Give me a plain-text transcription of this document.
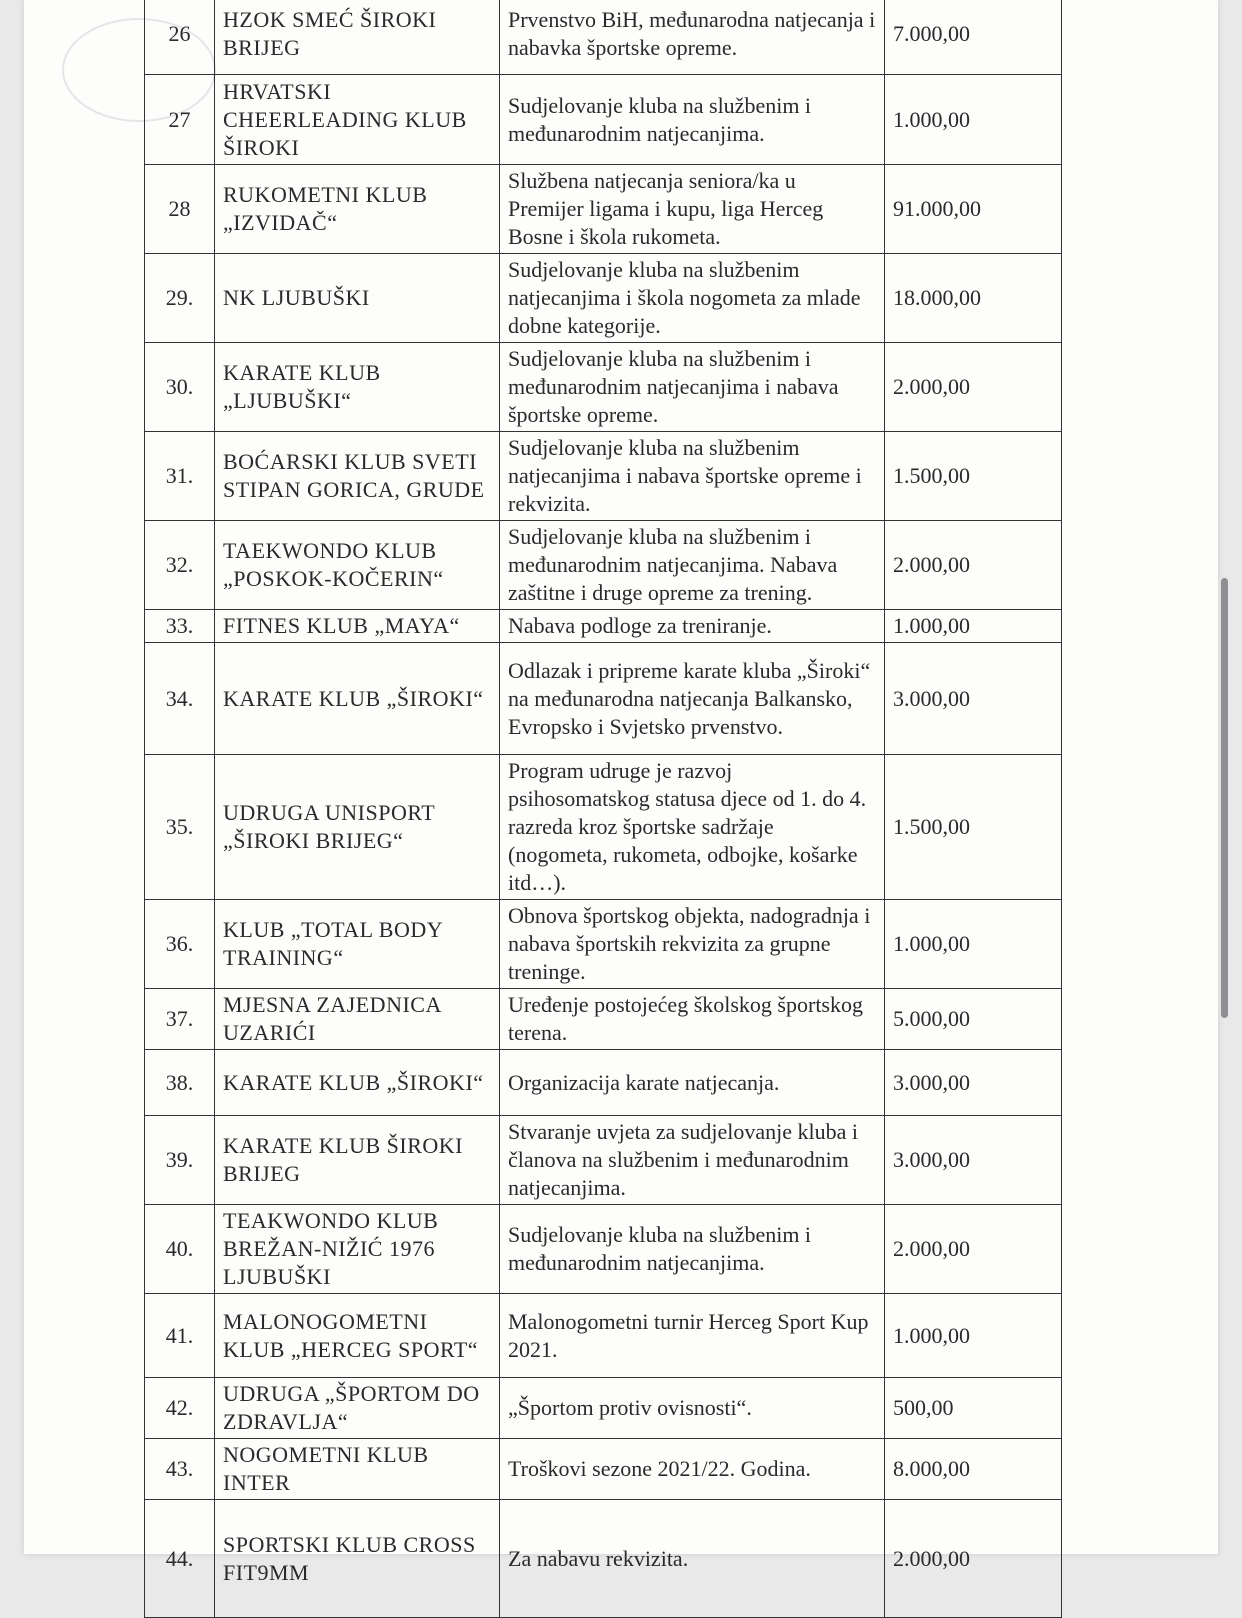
26	HZOK SMEĆ ŠIROKI BRIJEG	Prvenstvo BiH, međunarodna natjecanja i nabavka športske opreme.	7.000,00
27	HRVATSKI CHEERLEADING KLUB ŠIROKI	Sudjelovanje kluba na službenim i međunarodnim natjecanjima.	1.000,00
28	RUKOMETNI KLUB „IZVIDAČ“	Službena natjecanja seniora/ka u Premijer ligama i kupu, liga Herceg Bosne i škola rukometa.	91.000,00
29.	NK LJUBUŠKI	Sudjelovanje kluba na službenim natjecanjima i škola nogometa za mlade dobne kategorije.	18.000,00
30.	KARATE KLUB „LJUBUŠKI“	Sudjelovanje kluba na službenim i međunarodnim natjecanjima i nabava športske opreme.	2.000,00
31.	BOĆARSKI KLUB SVETI STIPAN GORICA, GRUDE	Sudjelovanje kluba na službenim natjecanjima i nabava športske opreme i rekvizita.	1.500,00
32.	TAEKWONDO KLUB „POSKOK-KOČERIN“	Sudjelovanje kluba na službenim i međunarodnim natjecanjima. Nabava zaštitne i druge opreme za trening.	2.000,00
33.	FITNES KLUB „MAYA“	Nabava podloge za treniranje.	1.000,00
34.	KARATE KLUB „ŠIROKI“	Odlazak i pripreme karate kluba „Široki“ na međunarodna natjecanja Balkansko, Evropsko i Svjetsko prvenstvo.	3.000,00
35.	UDRUGA UNISPORT „ŠIROKI BRIJEG“	Program udruge je razvoj psihosomatskog statusa djece od 1. do 4. razreda kroz športske sadržaje (nogometa, rukometa, odbojke, košarke itd…).	1.500,00
36.	KLUB „TOTAL BODY TRAINING“	Obnova športskog objekta, nadogradnja i nabava športskih rekvizita za grupne treninge.	1.000,00
37.	MJESNA ZAJEDNICA UZARIĆI	Uređenje postojećeg školskog športskog terena.	5.000,00
38.	KARATE KLUB „ŠIROKI“	Organizacija karate natjecanja.	3.000,00
39.	KARATE KLUB ŠIROKI BRIJEG	Stvaranje uvjeta za sudjelovanje kluba i članova na službenim i međunarodnim natjecanjima.	3.000,00
40.	TEAKWONDO KLUB BREŽAN-NIŽIĆ 1976 LJUBUŠKI	Sudjelovanje kluba na službenim i međunarodnim natjecanjima.	2.000,00
41.	MALONOGOMETNI KLUB „HERCEG SPORT“	Malonogometni turnir Herceg Sport Kup 2021.	1.000,00
42.	UDRUGA „ŠPORTOM DO ZDRAVLJA“	„Športom protiv ovisnosti“.	500,00
43.	NOGOMETNI KLUB INTER	Troškovi sezone 2021/22. Godina.	8.000,00
44.	SPORTSKI KLUB CROSS FIT9MM	Za nabavu rekvizita.	2.000,00
